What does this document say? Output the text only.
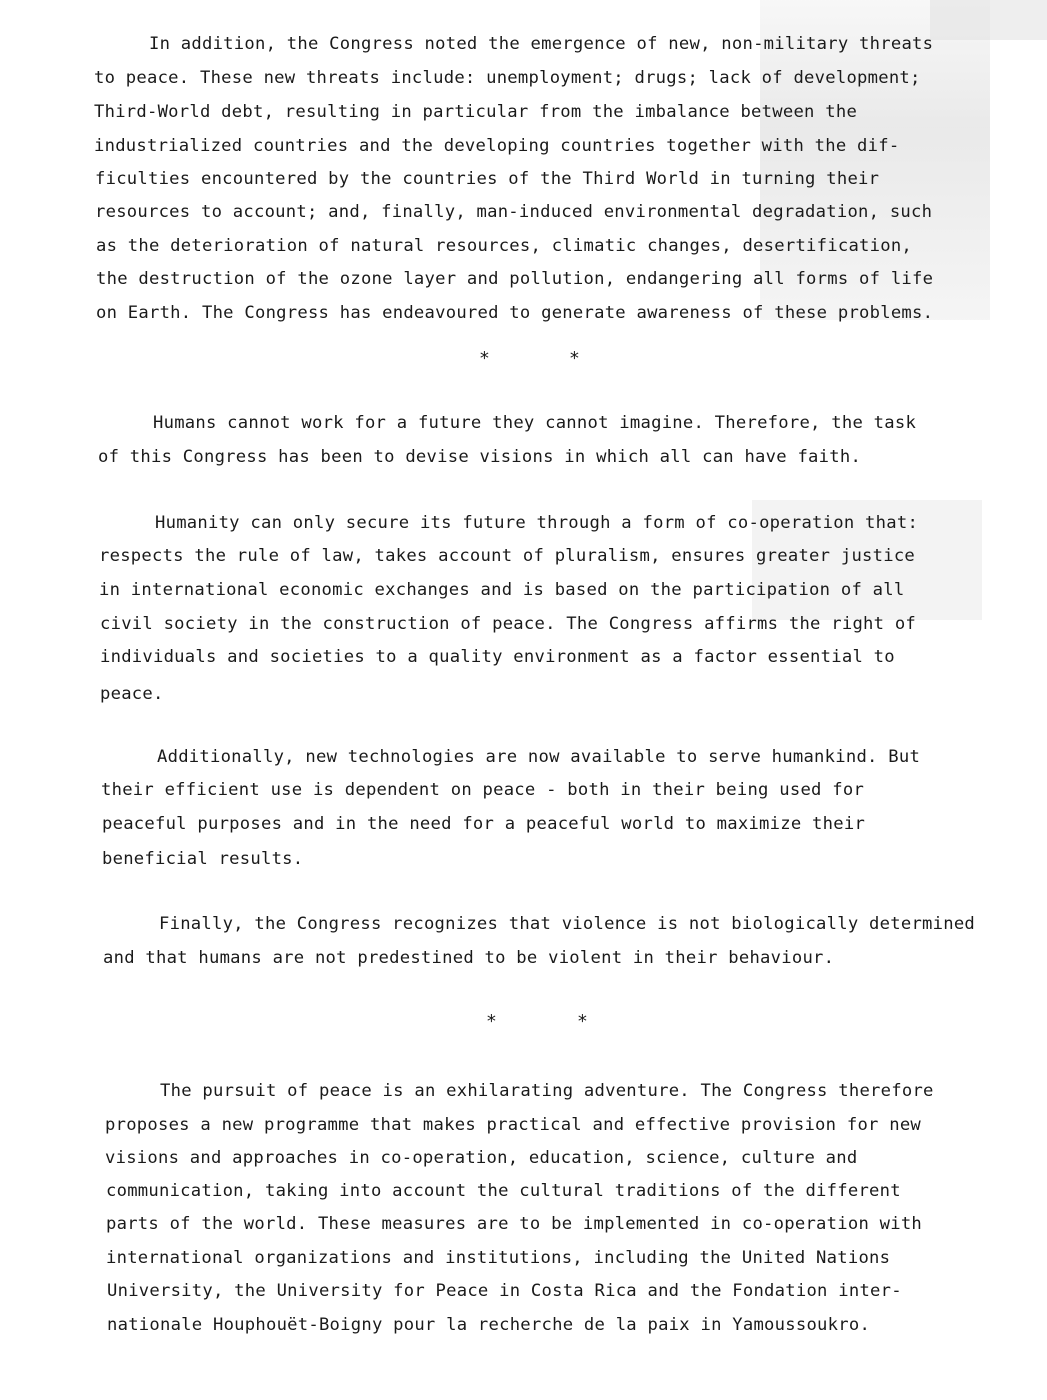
In addition, the Congress noted the emergence of new, non-military threats
to peace. These new threats include: unemployment; drugs; lack of development;
Third-World debt, resulting in particular from the imbalance between the
industrialized countries and the developing countries together with the dif-
ficulties encountered by the countries of the Third World in turning their
resources to account; and, finally, man-induced environmental degradation, such
as the deterioration of natural resources, climatic changes, desertification,
the destruction of the ozone layer and pollution, endangering all forms of life
on Earth. The Congress has endeavoured to generate awareness of these problems.
*	*
Humans cannot work for a future they cannot imagine. Therefore, the task
of this Congress has been to devise visions in which all can have faith.
Humanity can only secure its future through a form of co-operation that:
respects the rule of law, takes account of pluralism, ensures greater justice
in international economic exchanges and is based on the participation of all
civil society in the construction of peace. The Congress affirms the right of
individuals and societies to a quality environment as a factor essential to
peace.
Additionally, new technologies are now available to serve humankind. But
their efficient use is dependent on peace - both in their being used for
peaceful purposes and in the need for a peaceful world to maximize their
beneficial results.
Finally, the Congress recognizes that violence is not biologically determined
and that humans are not predestined to be violent in their behaviour.
*	*
The pursuit of peace is an exhilarating adventure. The Congress therefore
proposes a new programme that makes practical and effective provision for new
visions and approaches in co-operation, education, science, culture and
communication, taking into account the cultural traditions of the different
parts of the world. These measures are to be implemented in co-operation with
international organizations and institutions, including the United Nations
University, the University for Peace in Costa Rica and the Fondation inter-
nationale Houphouët-Boigny pour la recherche de la paix in Yamoussoukro.
